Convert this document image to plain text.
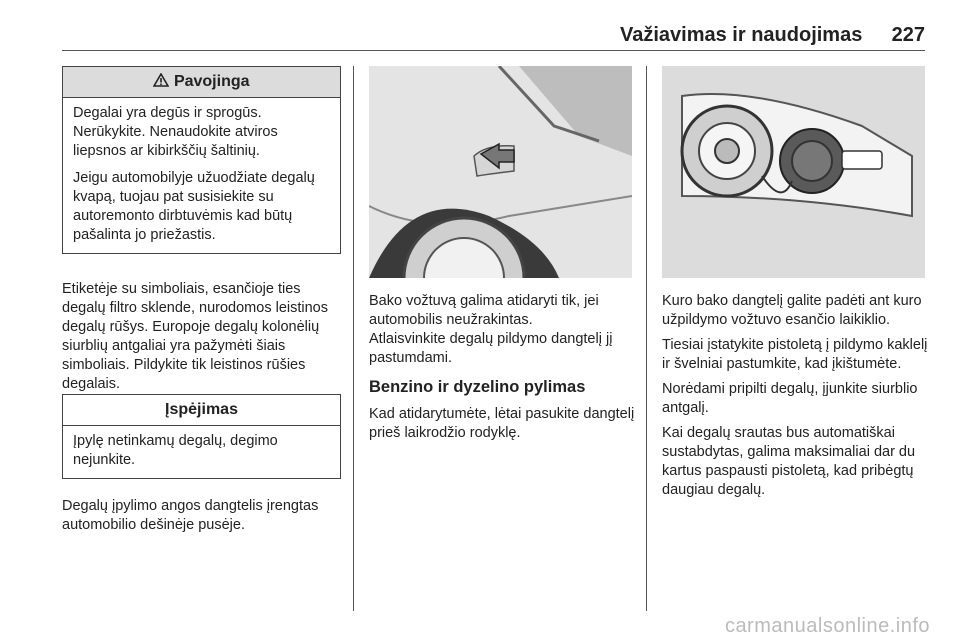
Važiavimas ir naudojimas 227
Pavojinga

Degalai yra degūs ir sprogūs. Nerūkykite. Nenaudokite atviros liepsnos ar kibirkščių šaltinių.

Jeigu automobilyje užuodžiate degalų kvapą, tuojau pat susisiekite su autoremonto dirbtuvėmis kad būtų pašalinta jo priežastis.

Etiketėje su simboliais, esančioje ties degalų filtro sklende, nurodomos leistinos degalų rūšys. Europoje degalų kolonėlių siurblių antgaliai yra pažymėti šiais simboliais. Pildykite tik leistinos rūšies degalais.

Įspėjimas
Įpylę netinkamų degalų, degimo nejunkite.

Degalų įpylimo angos dangtelis įrengtas automobilio dešinėje pusėje.

Bako vožtuvą galima atidaryti tik, jei automobilis neužrakintas.

Atlaisvinkite degalų pildymo dangtelį jį pastumdami.

Benzino ir dyzelino pylimas

Kad atidarytumėte, lėtai pasukite dangtelį prieš laikrodžio rodyklę.

Kuro bako dangtelį galite padėti ant kuro užpildymo vožtuvo esančio laikiklio.

Tiesiai įstatykite pistoletą į pildymo kaklelį ir švelniai pastumkite, kad įkištumėte.

Norėdami pripilti degalų, įjunkite siurblio antgalį.

Kai degalų srautas bus automatiškai sustabdytas, galima maksimaliai dar du kartus paspausti pistoletą, kad pribėgtų daugiau degalų.

carmanualsonline.info
